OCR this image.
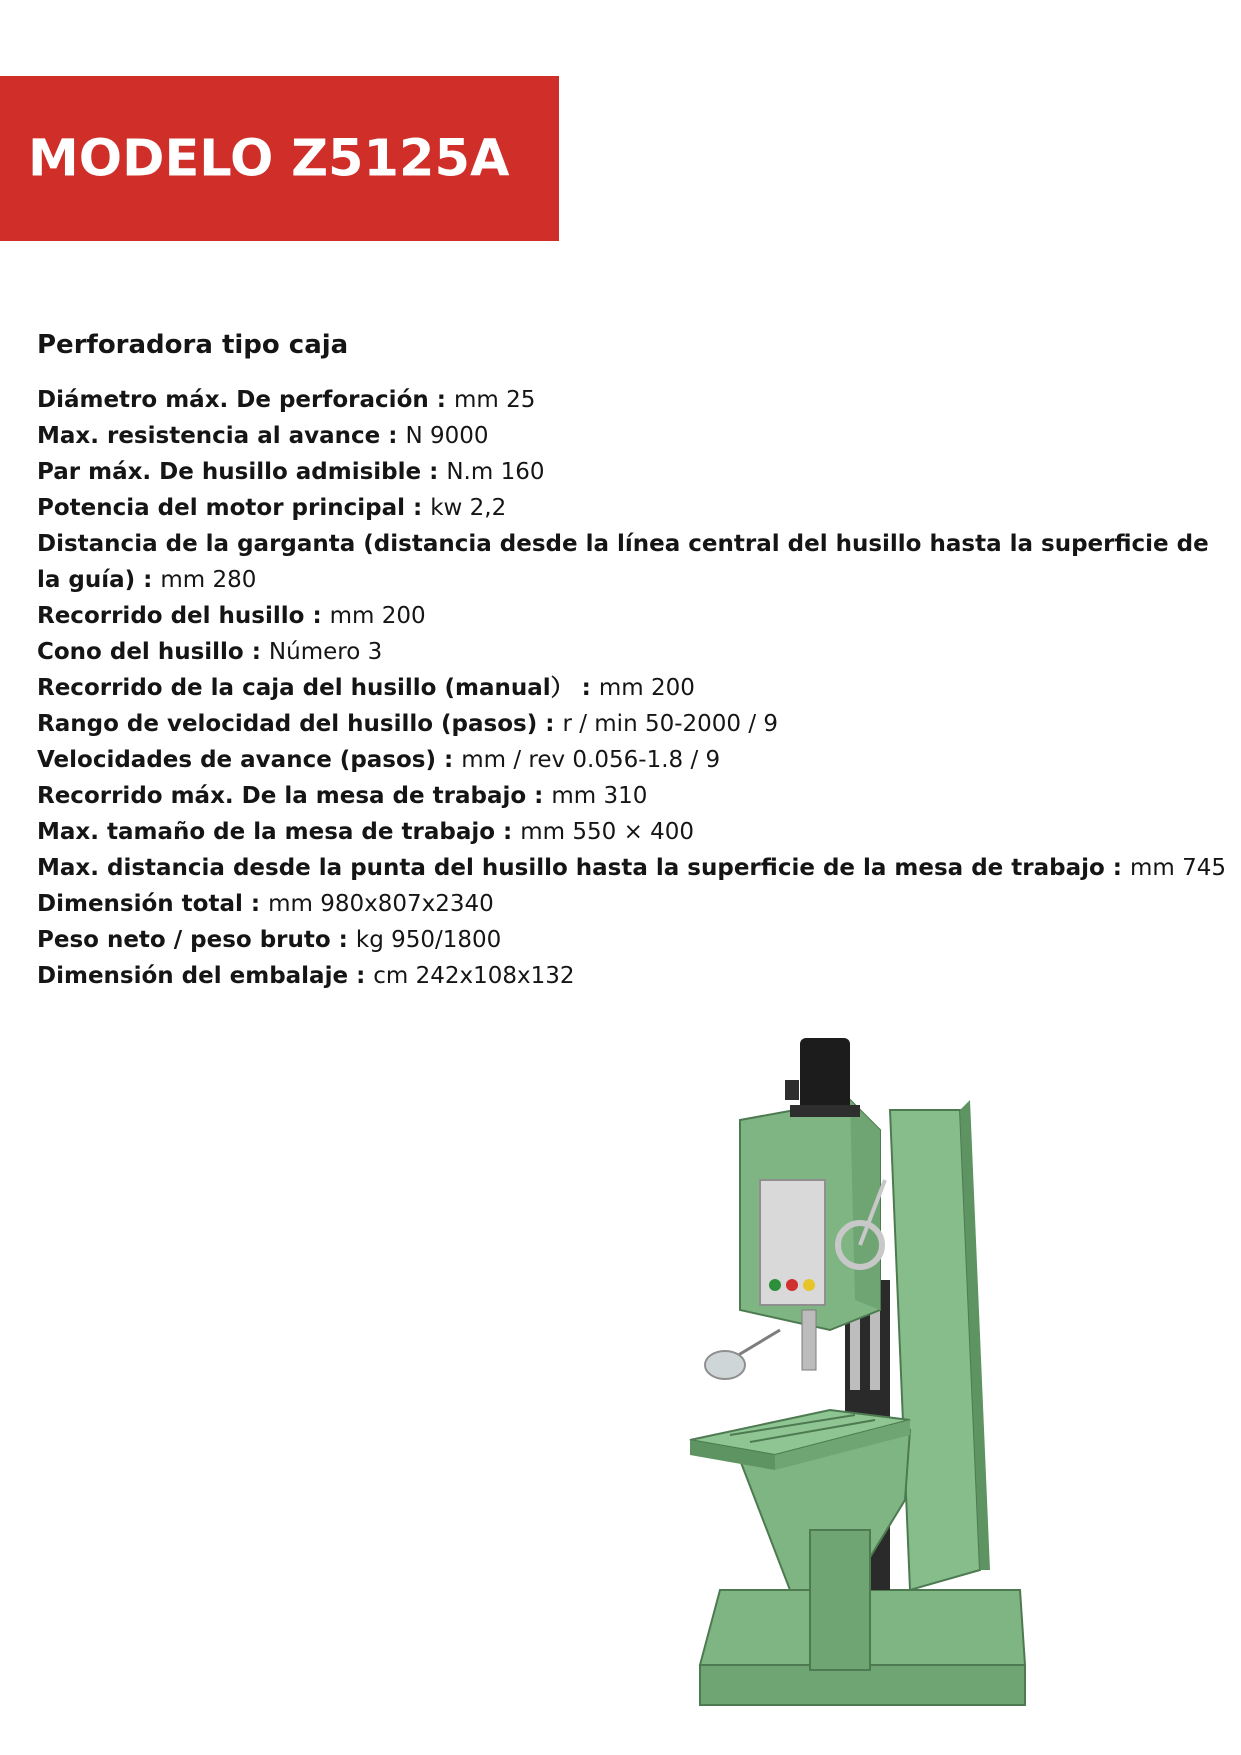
MODELO Z5125A
Perforadora tipo caja
Diámetro máx. De perforación : mm 25
Max. resistencia al avance : N 9000
Par máx. De husillo admisible : N.m 160
Potencia del motor principal : kw 2,2
Distancia de la garganta (distancia desde la línea central del husillo hasta la superficie de la guía) : mm 280
Recorrido del husillo : mm 200
Cono del husillo : Número 3
Recorrido de la caja del husillo (manual） : mm 200
Rango de velocidad del husillo (pasos) : r / min 50-2000 / 9
Velocidades de avance (pasos) : mm / rev 0.056-1.8 / 9
Recorrido máx. De la mesa de trabajo : mm 310
Max. tamaño de la mesa de trabajo : mm 550 × 400
Max. distancia desde la punta del husillo hasta la superficie de la mesa de trabajo : mm 745
Dimensión total : mm 980x807x2340
Peso neto / peso bruto : kg 950/1800
Dimensión del embalaje : cm 242x108x132
